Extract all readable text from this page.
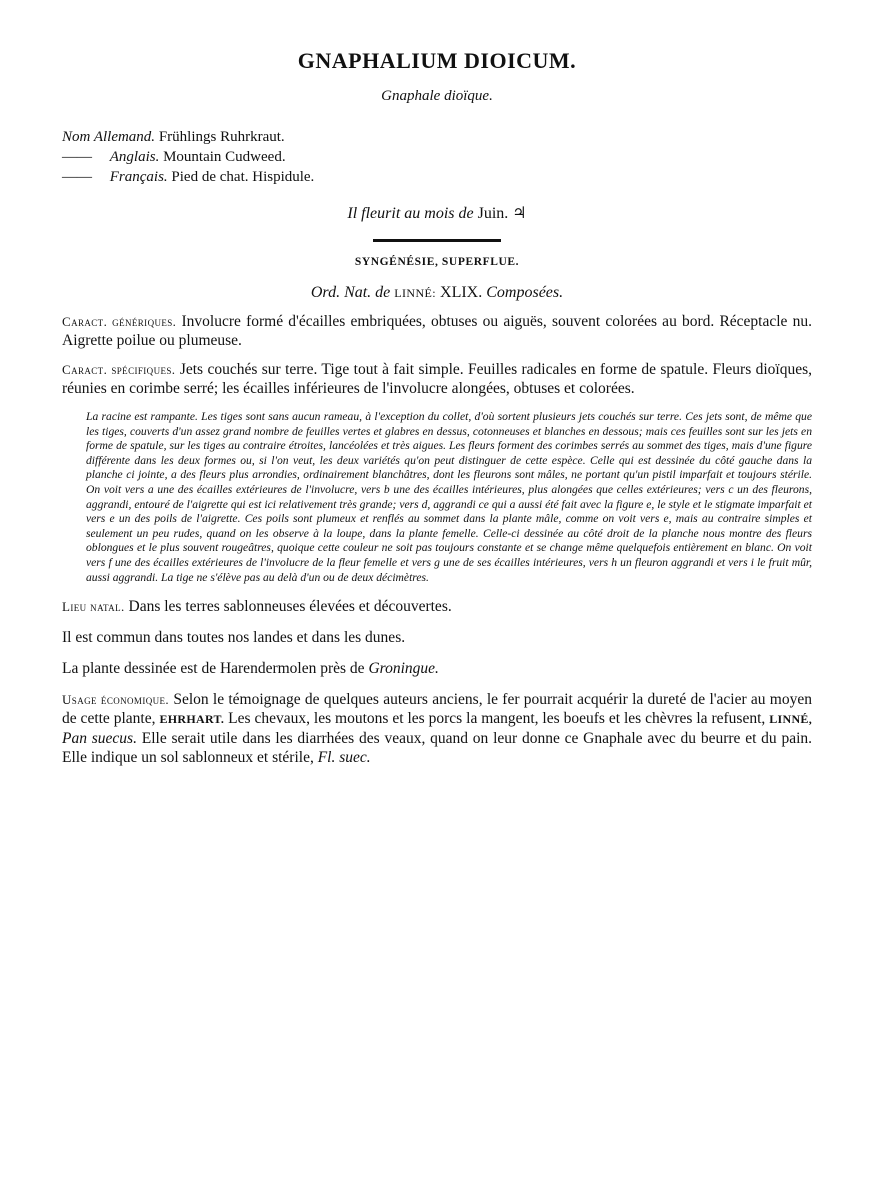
GNAPHALIUM DIOICUM.
Gnaphale dioïque.
Nom Allemand. Frühlings Ruhrkraut.
—— Anglais. Mountain Cudweed.
—— Français. Pied de chat. Hispidule.
Il fleurit au mois de Juin. ♃
SYNGÉNÉSIE, SUPERFLUE.
Ord. Nat. de LINNÉ: XLIX. Composées.
Caract. génériques. Involucre formé d'écailles embriquées, obtuses ou aiguës, souvent colorées au bord. Réceptacle nu. Aigrette poilue ou plumeuse.
Caract. spécifiques. Jets couchés sur terre. Tige tout à fait simple. Feuilles radicales en forme de spatule. Fleurs dioïques, réunies en corimbe serré; les écailles inférieures de l'involucre alongées, obtuses et colorées.
La racine est rampante. Les tiges sont sans aucun rameau, à l'exception du collet, d'où sortent plusieurs jets couchés sur terre. Ces jets sont, de même que les tiges, couverts d'un assez grand nombre de feuilles vertes et glabres en dessus, cotonneuses et blanches en dessous; mais ces feuilles sont sur les jets en forme de spatule, sur les tiges au contraire étroites, lancéolées et très aigues. Les fleurs forment des corimbes serrés au sommet des tiges, mais d'une figure différente dans les deux formes ou, si l'on veut, les deux variétés qu'on peut distinguer de cette espèce. Celle qui est dessinée du côté gauche dans la planche ci jointe, a des fleurs plus arrondies, ordinairement blanchâtres, dont les fleurons sont mâles, ne portant qu'un pistil imparfait et toujours stérile. On voit vers a une des écailles extérieures de l'involucre, vers b une des écailles intérieures, plus alongées que celles extérieures; vers c un des fleurons, aggrandi, entouré de l'aigrette qui est ici relativement très grande; vers d, aggrandi ce qui a aussi été fait avec la figure e, le style et le stigmate imparfait et vers e un des poils de l'aigrette. Ces poils sont plumeux et renflés au sommet dans la plante mâle, comme on voit vers e, mais au contraire simples et seulement un peu rudes, quand on les observe à la loupe, dans la plante femelle. Celle-ci dessinée au côté droit de la planche nous montre des fleurs oblongues et le plus souvent rougeâtres, quoique cette couleur ne soit pas toujours constante et se change même quelquefois entièrement en blanc. On voit vers f une des écailles extérieures de l'involucre de la fleur femelle et vers g une de ses écailles intérieures, vers h un fleuron aggrandi et vers i le fruit mûr, aussi aggrandi. La tige ne s'élève pas au delà d'un ou de deux décimètres.
Lieu natal. Dans les terres sablonneuses élevées et découvertes.
Il est commun dans toutes nos landes et dans les dunes.
La plante dessinée est de Harendermolen près de Groningue.
Usage économique. Selon le témoignage de quelques auteurs anciens, le fer pourrait acquérir la dureté de l'acier au moyen de cette plante, EHRHART. Les chevaux, les moutons et les porcs la mangent, les boeufs et les chèvres la refusent, LINNÉ, Pan suecus. Elle serait utile dans les diarrhées des veaux, quand on leur donne ce Gnaphale avec du beurre et du pain. Elle indique un sol sablonneux et stérile, Fl. suec.
